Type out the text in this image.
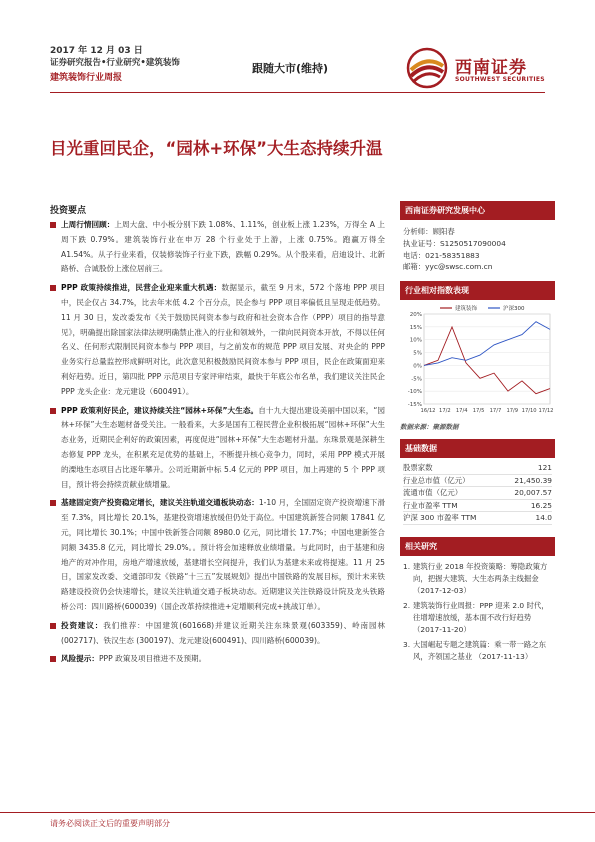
2017 年 12 月 03 日
证券研究报告•行业研究•建筑装饰
建筑装饰行业周报
跟随大市(维持)	西南证券
SOUTHWEST SECURITIES
目光重回民企，“园林+环保”大生态持续升温
投资要点
上周行情回顾：上周大盘、中小板分别下跌 1.08%、1.11%，创业板上涨 1.23%，万得全 A 上周下跌 0.79%。建筑装饰行业在申万 28 个行业处于上游，上涨 0.75%。跑赢万得全 A1.54%。从子行业来看，仅装修装饰子行业下跌，跌幅 0.29%。从个股来看，启迪设计、北新路桥、合诚股份上涨位居前三。
PPP 政策持续推进，民营企业迎来重大机遇：数据显示，截至 9 月末，572 个落地 PPP 项目中，民企仅占 34.7%，比去年末低 4.2 个百分点，民企参与 PPP 项目率偏低且呈现走低趋势。11 月 30 日，发改委发布《关于鼓励民间资本参与政府和社会资本合作（PPP）项目的指导意见》，明确提出除国家法律法规明确禁止准入的行业和领域外，一律向民间资本开放，不得以任何名义、任何形式限制民间资本参与 PPP 项目，与之前发布的规范 PPP 项目发展、对央企的 PPP 业务实行总量监控形成鲜明对比，此次意见积极鼓励民间资本参与 PPP 项目，民企在政策面迎来利好趋势。近日，第四批 PPP 示范项目专家评审结束，最快于年底公布名单，我们建议关注民企 PPP 龙头企业：龙元建设（600491）。
PPP 政策利好民企，建议持续关注“园林+环保”大生态。自十九大提出建设美丽中国以来，“园林+环保”大生态题材备受关注。一般看来，大多是国有工程民营企业积极拓展“园林+环保”大生态业务，近期民企利好的政策因素，再度促进“园林+环保”大生态题材升温。东珠景观是深耕生态修复 PPP 龙头，在积累充足优势的基础上，不断提升核心竞争力，同时，采用 PPP 模式开展的溧地生态项目占比逐年攀升。公司近期新中标 5.4 亿元的 PPP 项目，加上再建的 5 个 PPP 项目，预计将会持续贡献业绩增量。
基建固定资产投资稳定增长，建议关注轨道交通板块动态：1-10 月，全国固定资产投资增速下滑至 7.3%，同比增长 20.1%，基建投资增速放缓但仍处于高位。中国建筑新签合同额 17841 亿元，同比增长 30.1%；中国中铁新签合同额 8980.0 亿元，同比增长 17.7%；中国电建新签合同额 3435.8 亿元，同比增长 29.0%。。预计将会加速释放业绩增量。与此同时，由于基建和房地产的对冲作用，房地产增速放缓，基建增长空间提升，我们认为基建未来或将提速。11 月 25 日，国家发改委、交通部印发《铁路“十三五”发展规划》提出中国铁路的发展目标，预计未来铁路建设投资仍会快速增长，建议关注轨道交通子板块动态。近期建议关注铁路设计院及龙头铁路桥公司：四川路桥(600039)（国企改革持续推进+定增顺利完成+挑战订单）。
投资建议：我们推荐：中国建筑(601668)并建议近期关注东珠景观(603359)、岭南园林 (002717)、铁汉生态 (300197)、龙元建设(600491)、四川路桥(600039)。
风险提示：PPP 政策及项目推进不及预期。
西南证券研究发展中心
分析师：顾阳春
执业证号：S1250517090004
电话：021-58351883
邮箱：yyc@swsc.com.cn
行业相对指数表现
20%
15%
10%
5%
0%
-5%
-10%
-15%
16/12 17/2 17/4 17/5 17/7 17/9 17/10 17/12
建筑装饰	沪深300
数据来源：聚源数据
基础数据
股票家数	121
行业总市值（亿元）	21,450.39
流通市值（亿元）	20,007.57
行业市盈率 TTM	16.25
沪深 300 市盈率 TTM	14.0
相关研究
1. 建筑行业 2018 年投资策略：筹隐政策方向，把握大建筑、大生态两条主线掘金 （2017-12-03）
2. 建筑装饰行业周报：PPP 迎来 2.0 时代，往增增速放缓，基本面不改行好趋势 （2017-11-20）
3. 大国崛起专题之建筑篇：乘一带一路之东风，齐领国之基业 （2017-11-13）
请务必阅读正文后的重要声明部分
